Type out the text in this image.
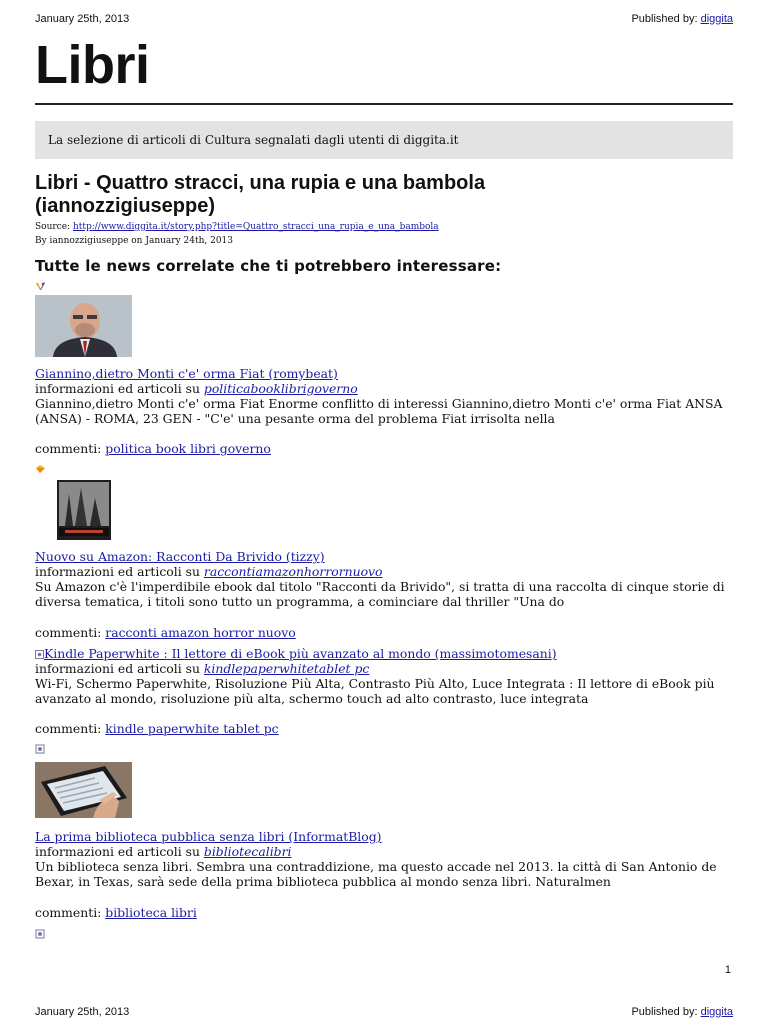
January 25th, 2013	Published by: diggita
Libri
La selezione di articoli di Cultura segnalati dagli utenti di diggita.it
Libri - Quattro stracci, una rupia e una bambola (iannozzigiuseppe)
Source: http://www.diggita.it/story.php?title=Quattro_stracci_una_rupia_e_una_bambola
By iannozzigiuseppe on January 24th, 2013
Tutte le news correlate che ti potrebbero interessare:
Giannino,dietro Monti c'e' orma Fiat (romybeat)
informazioni ed articoli su politicabooklibrigoverno
Giannino,dietro Monti c'e' orma Fiat Enorme conflitto di interessi Giannino,dietro Monti c'e' orma Fiat ANSA (ANSA) - ROMA, 23 GEN - "C'e' una pesante orma del problema Fiat irrisolta nella
commenti: politica book libri governo
Nuovo su Amazon: Racconti Da Brivido (tizzy)
informazioni ed articoli su raccontiamazonhorrornuovo
Su Amazon c'è l'imperdibile ebook dal titolo "Racconti da Brivido", si tratta di una raccolta di cinque storie di diversa tematica, i titoli sono tutto un programma, a cominciare dal thriller "Una do
commenti: racconti amazon horror nuovo
Kindle Paperwhite : Il lettore di eBook più avanzato al mondo (massimotomesani)
informazioni ed articoli su kindlepaperwhitetablet pc
Wi-Fi, Schermo Paperwhite, Risoluzione Più Alta, Contrasto Più Alto, Luce Integrata : Il lettore di eBook più avanzato al mondo, risoluzione più alta, schermo touch ad alto contrasto, luce integrata
commenti: kindle paperwhite tablet pc
La prima biblioteca pubblica senza libri (InformatBlog)
informazioni ed articoli su bibliotecalibri
Un biblioteca senza libri. Sembra una contraddizione, ma questo accade nel 2013. la città di San Antonio de Bexar, in Texas, sarà sede della prima biblioteca pubblica al mondo senza libri. Naturalmen
commenti: biblioteca libri
1
January 25th, 2013	Published by: diggita
